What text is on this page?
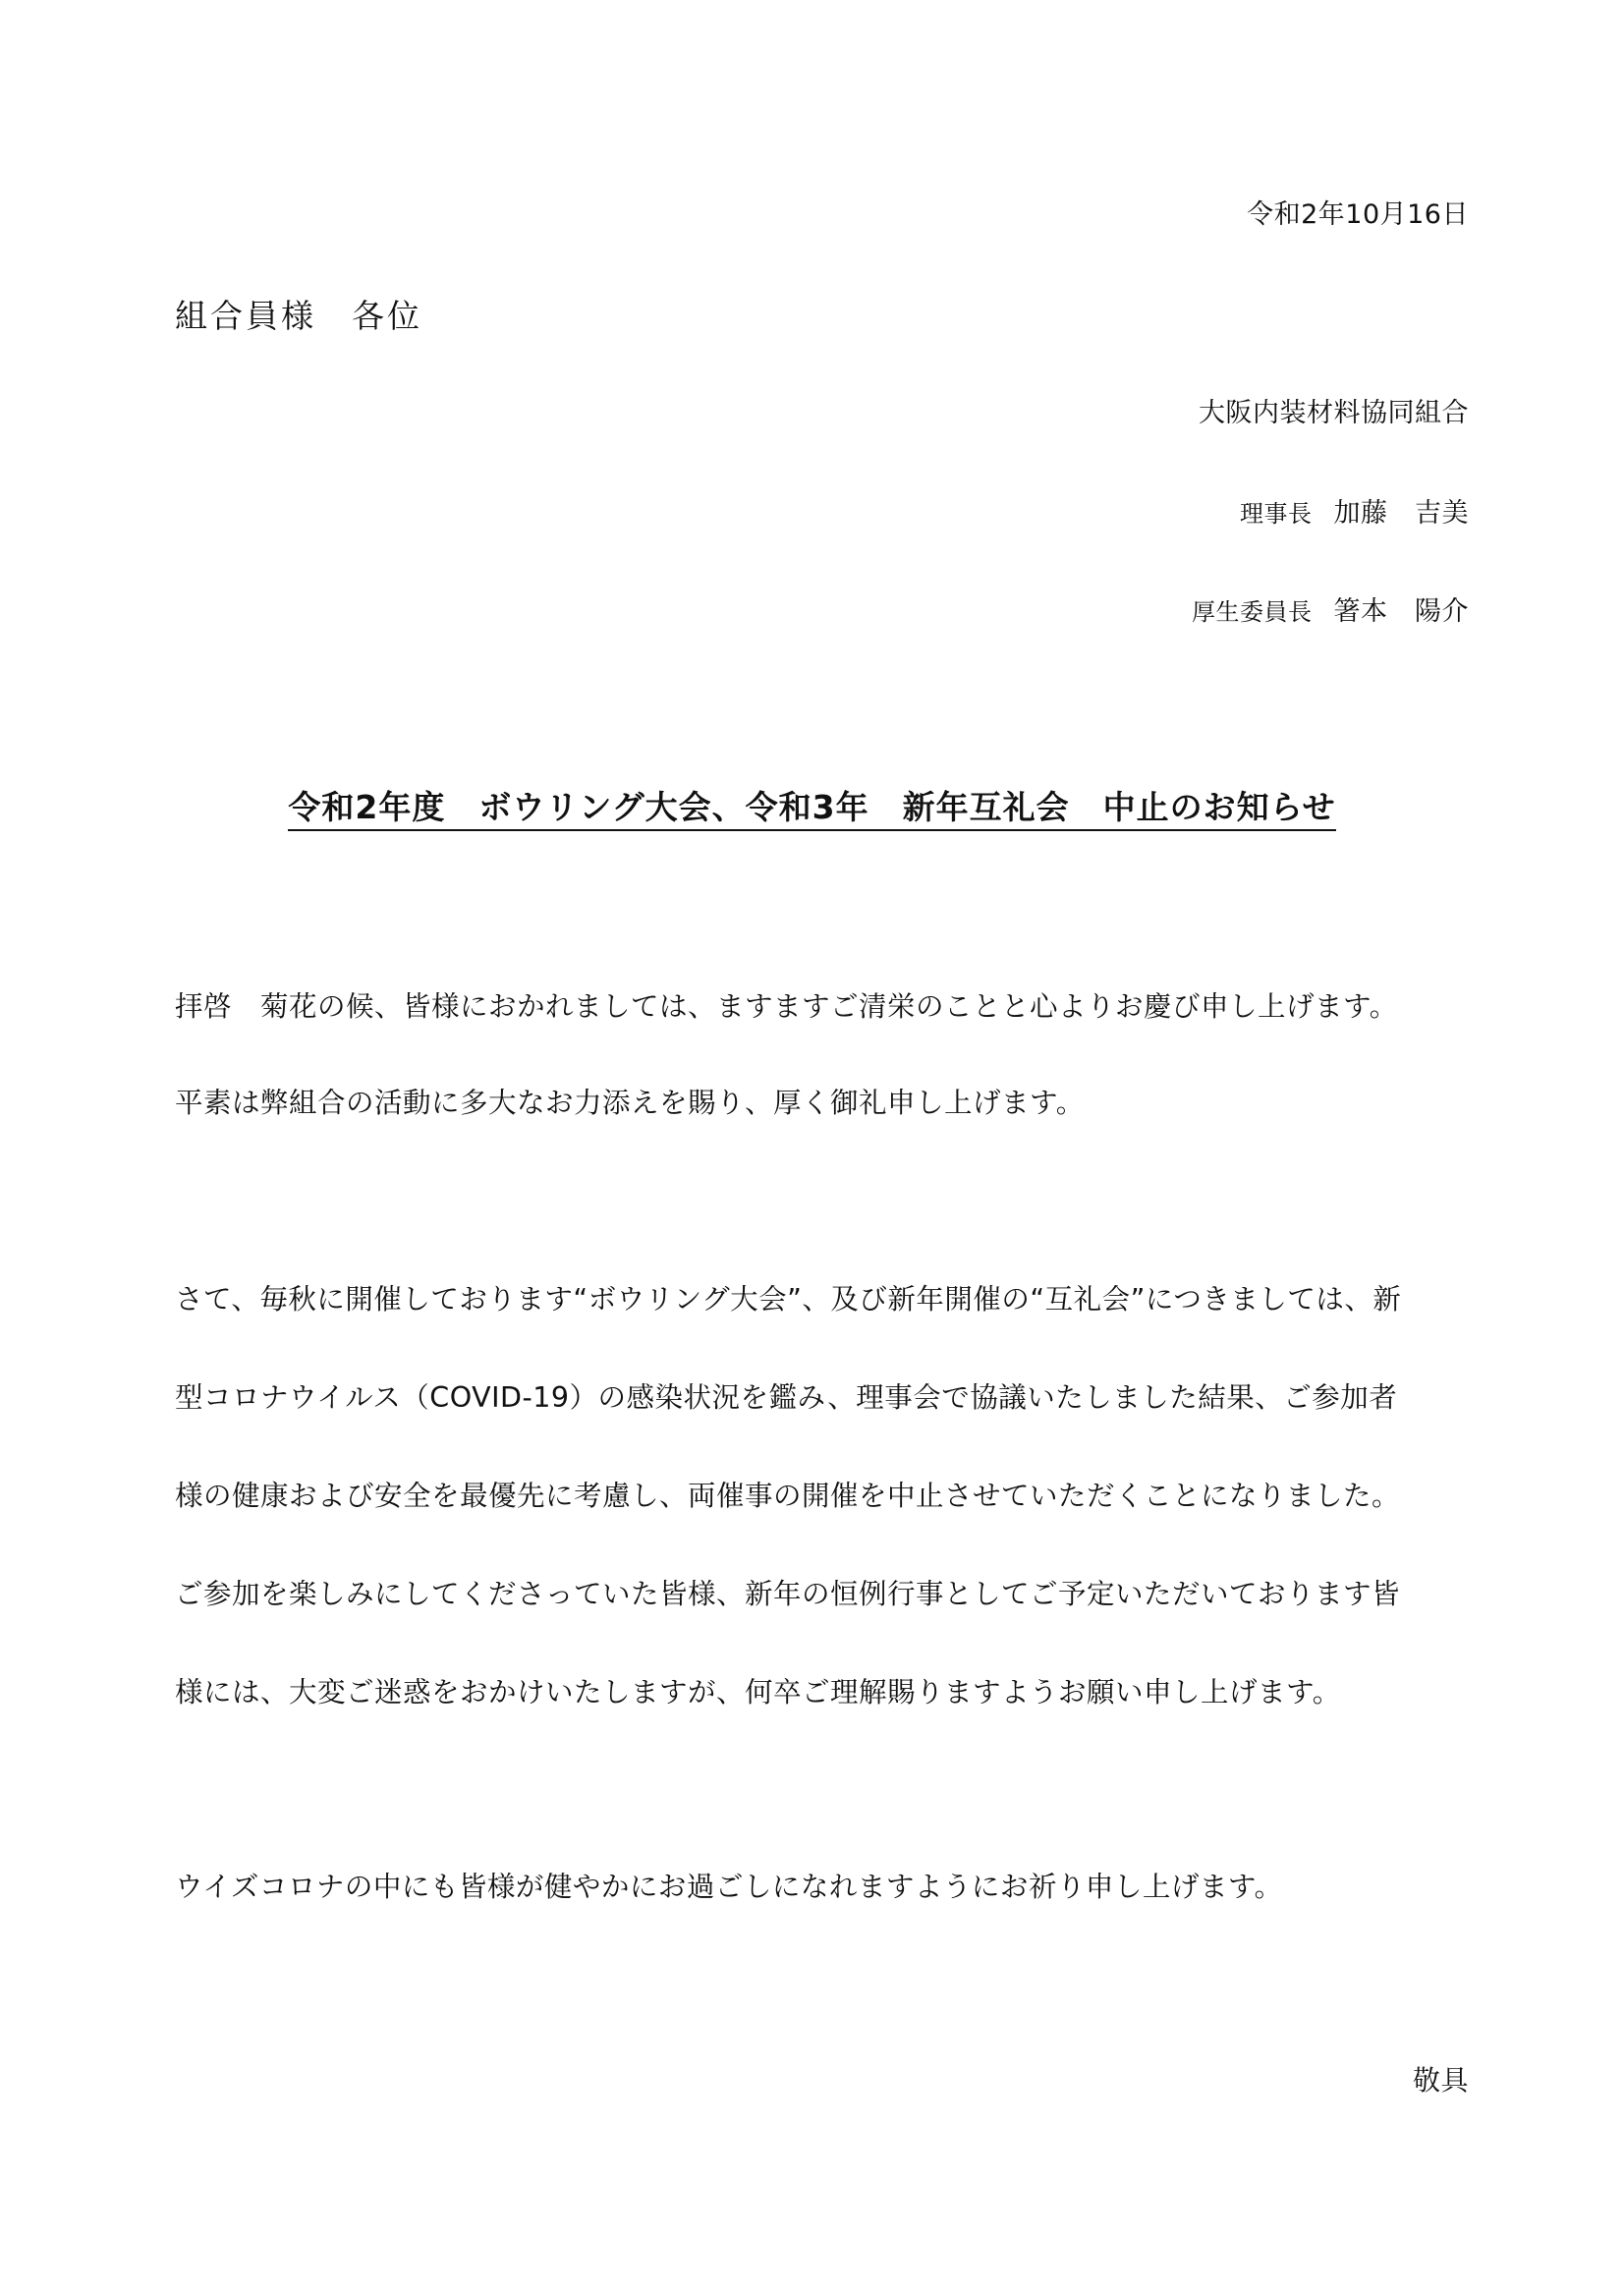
令和2年10月16日
組合員様　各位
大阪内装材料協同組合
理事長 加藤　吉美
厚生委員長 箸本　陽介
令和2年度　ボウリング大会、令和3年　新年互礼会　中止のお知らせ
拝啓　菊花の候、皆様におかれましては、ますますご清栄のことと心よりお慶び申し上げます。
平素は弊組合の活動に多大なお力添えを賜り、厚く御礼申し上げます。
さて、毎秋に開催しております“ボウリング大会”、及び新年開催の“互礼会”につきましては、新
型コロナウイルス（COVID-19）の感染状況を鑑み、理事会で協議いたしました結果、ご参加者
様の健康および安全を最優先に考慮し、両催事の開催を中止させていただくことになりました。
ご参加を楽しみにしてくださっていた皆様、新年の恒例行事としてご予定いただいております皆
様には、大変ご迷惑をおかけいたしますが、何卒ご理解賜りますようお願い申し上げます。
ウイズコロナの中にも皆様が健やかにお過ごしになれますようにお祈り申し上げます。
敬具
